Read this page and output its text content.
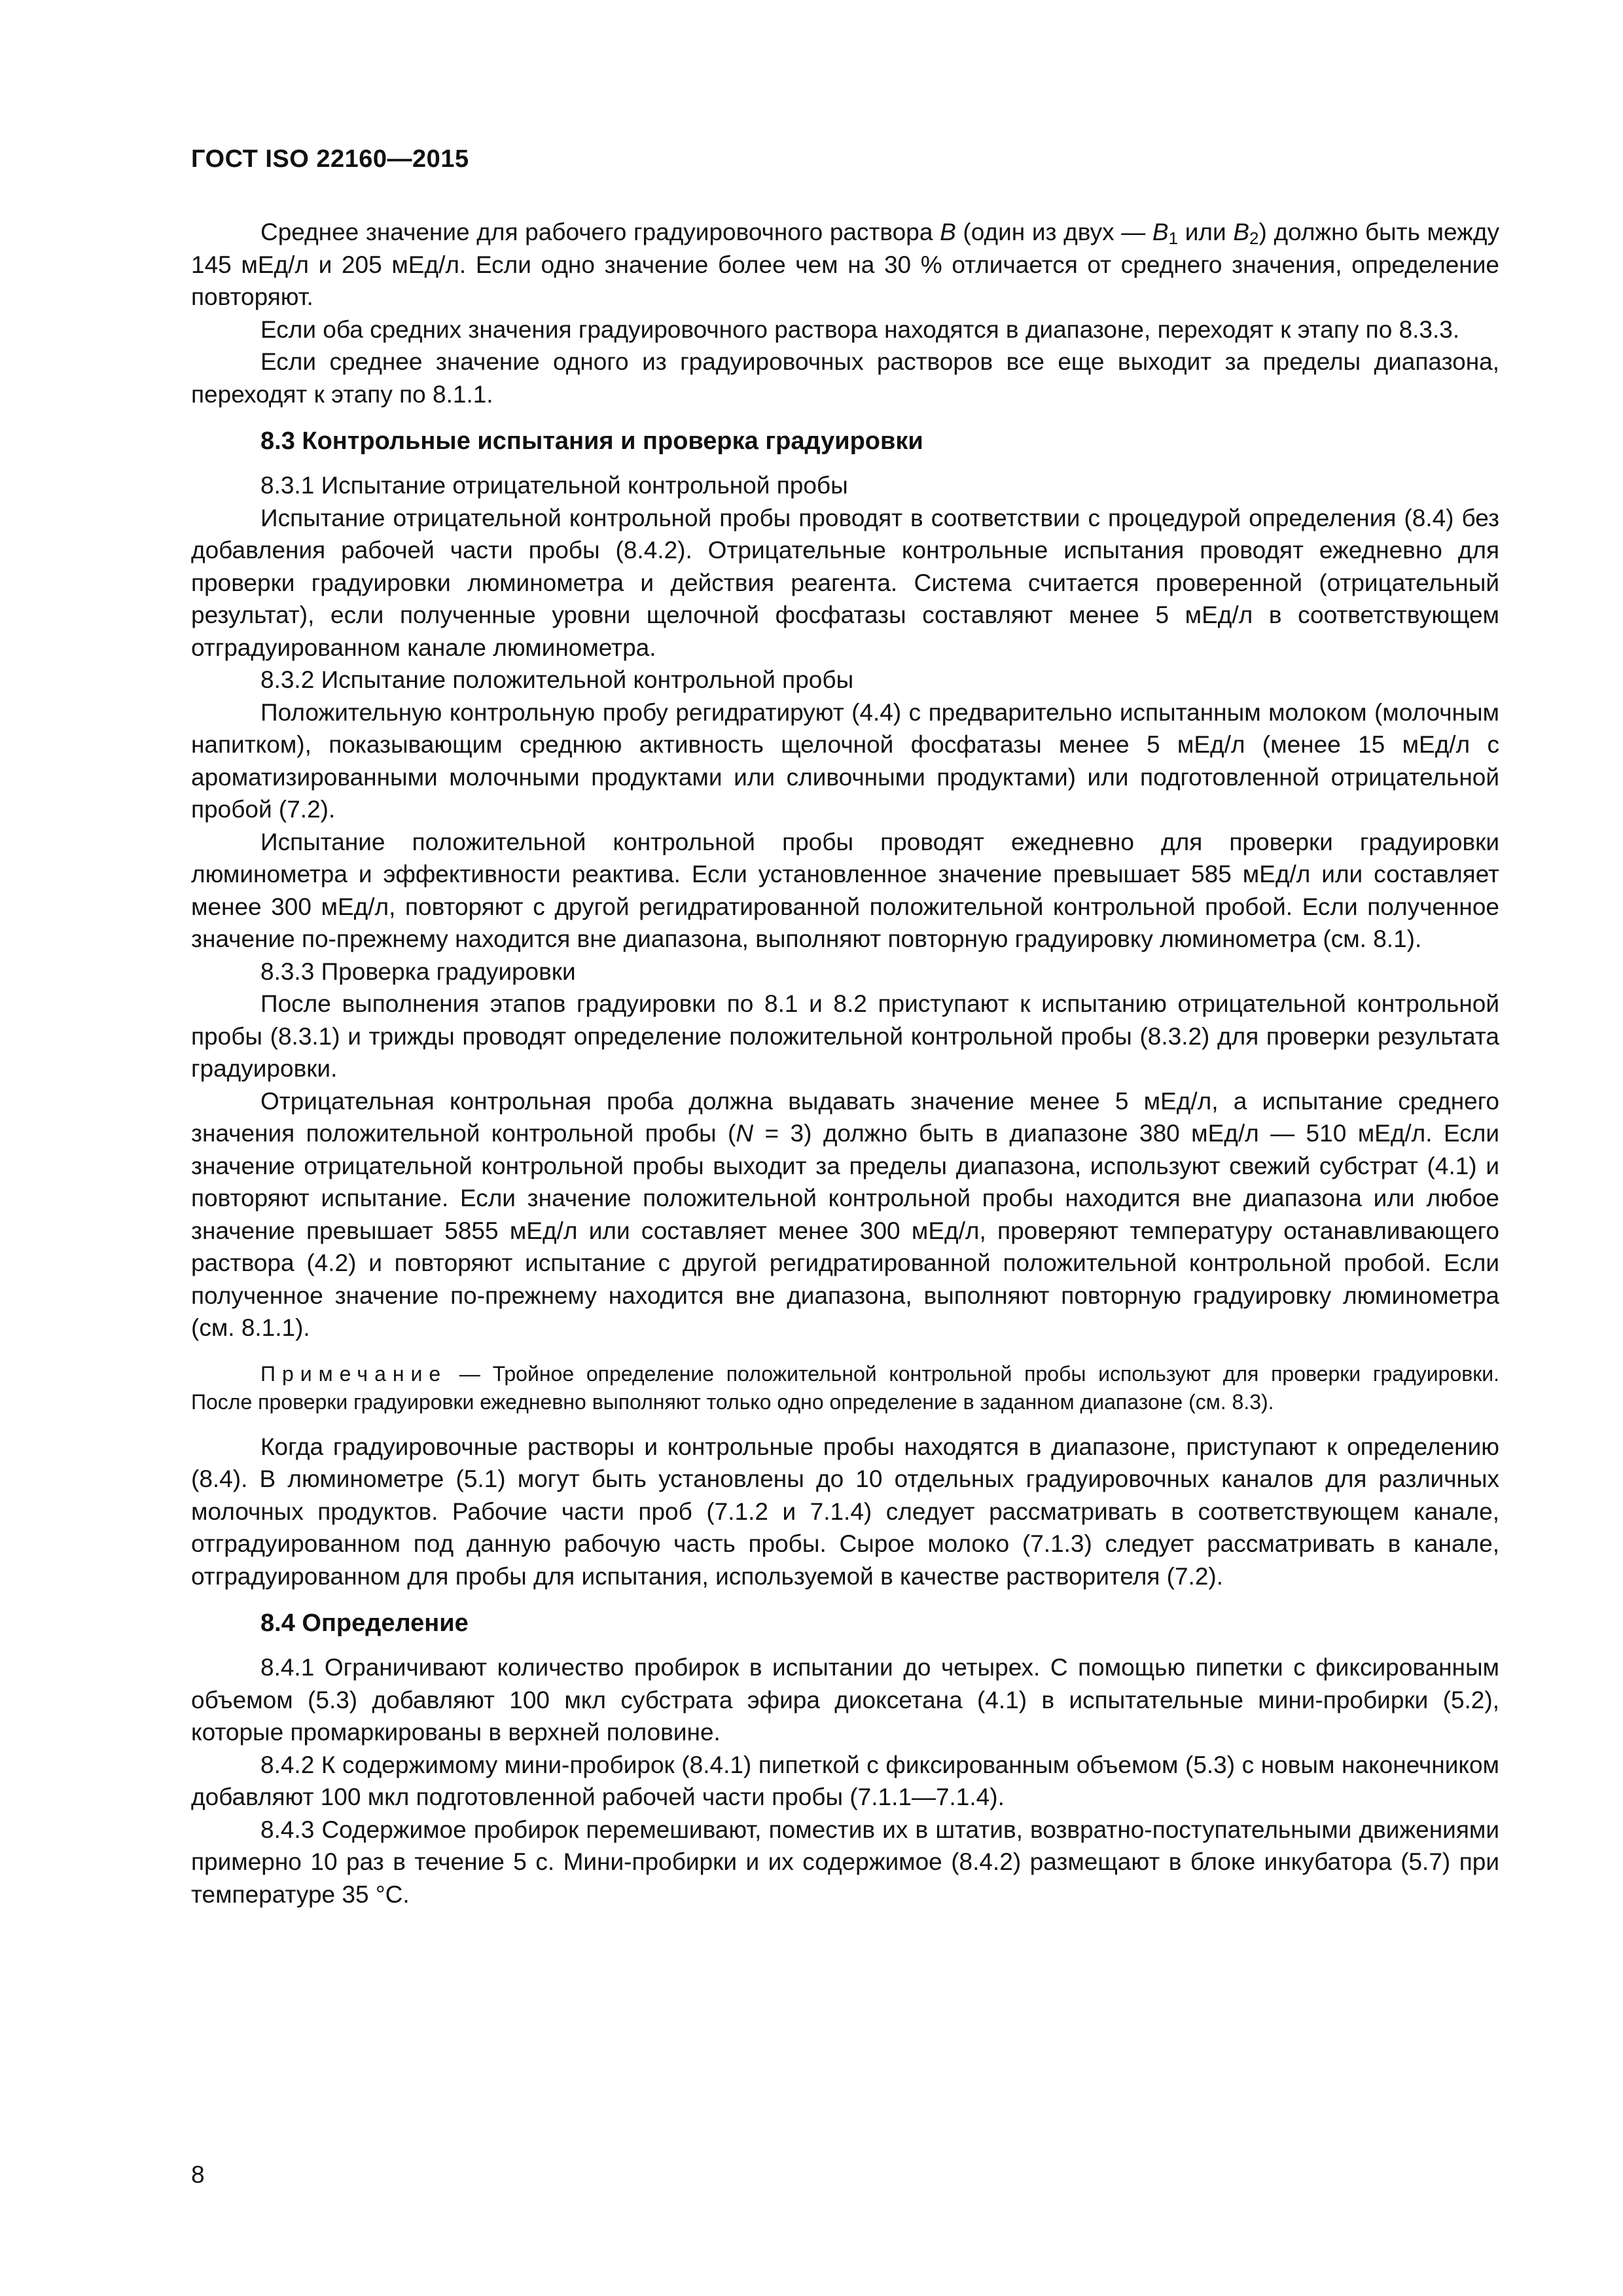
ГОСТ ISO 22160—2015

Среднее значение для рабочего градуировочного раствора B (один из двух — $B_1$ или $B_2$) должно быть между 145 мЕд/л и 205 мЕд/л. Если одно значение более чем на 30 % отличается от среднего значения, определение повторяют.

Если оба средних значения градуировочного раствора находятся в диапазоне, переходят к этапу по 8.3.3.

Если среднее значение одного из градуировочных растворов все еще выходит за пределы диапазона, переходят к этапу по 8.1.1.

8.3 Контрольные испытания и проверка градуировки

8.3.1 Испытание отрицательной контрольной пробы

Испытание отрицательной контрольной пробы проводят в соответствии с процедурой определения (8.4) без добавления рабочей части пробы (8.4.2). Отрицательные контрольные испытания проводят ежедневно для проверки градуировки люминометра и действия реагента. Система считается проверенной (отрицательный результат), если полученные уровни щелочной фосфатазы составляют менее 5 мЕд/л в соответствующем отградуированном канале люминометра.

8.3.2 Испытание положительной контрольной пробы

Положительную контрольную пробу регидратируют (4.4) с предварительно испытанным молоком (молочным напитком), показывающим среднюю активность щелочной фосфатазы менее 5 мЕд/л (менее 15 мЕд/л с ароматизированными молочными продуктами или сливочными продуктами) или подготовленной отрицательной пробой (7.2).

Испытание положительной контрольной пробы проводят ежедневно для проверки градуировки люминометра и эффективности реактива. Если установленное значение превышает 585 мЕд/л или составляет менее 300 мЕд/л, повторяют с другой регидратированной положительной контрольной пробой. Если полученное значение по-прежнему находится вне диапазона, выполняют повторную градуировку люминометра (см. 8.1).

8.3.3 Проверка градуировки

После выполнения этапов градуировки по 8.1 и 8.2 приступают к испытанию отрицательной контрольной пробы (8.3.1) и трижды проводят определение положительной контрольной пробы (8.3.2) для проверки результата градуировки.

Отрицательная контрольная проба должна выдавать значение менее 5 мЕд/л, а испытание среднего значения положительной контрольной пробы (N = 3) должно быть в диапазоне 380 мЕд/л — 510 мЕд/л. Если значение отрицательной контрольной пробы выходит за пределы диапазона, используют свежий субстрат (4.1) и повторяют испытание. Если значение положительной контрольной пробы находится вне диапазона или любое значение превышает 5855 мЕд/л или составляет менее 300 мЕд/л, проверяют температуру останавливающего раствора (4.2) и повторяют испытание с другой регидратированной положительной контрольной пробой. Если полученное значение по-прежнему находится вне диапазона, выполняют повторную градуировку люминометра (см. 8.1.1).

Примечание — Тройное определение положительной контрольной пробы используют для проверки градуировки. После проверки градуировки ежедневно выполняют только одно определение в заданном диапазоне (см. 8.3).

Когда градуировочные растворы и контрольные пробы находятся в диапазоне, приступают к определению (8.4). В люминометре (5.1) могут быть установлены до 10 отдельных градуировочных каналов для различных молочных продуктов. Рабочие части проб (7.1.2 и 7.1.4) следует рассматривать в соответствующем канале, отградуированном под данную рабочую часть пробы. Сырое молоко (7.1.3) следует рассматривать в канале, отградуированном для пробы для испытания, используемой в качестве растворителя (7.2).

8.4 Определение

8.4.1 Ограничивают количество пробирок в испытании до четырех. С помощью пипетки с фиксированным объемом (5.3) добавляют 100 мкл субстрата эфира диоксетана (4.1) в испытательные мини-пробирки (5.2), которые промаркированы в верхней половине.

8.4.2 К содержимому мини-пробирок (8.4.1) пипеткой с фиксированным объемом (5.3) с новым наконечником добавляют 100 мкл подготовленной рабочей части пробы (7.1.1—7.1.4).

8.4.3 Содержимое пробирок перемешивают, поместив их в штатив, возвратно-поступательными движениями примерно 10 раз в течение 5 с. Мини-пробирки и их содержимое (8.4.2) размещают в блоке инкубатора (5.7) при температуре 35 °С.

8
